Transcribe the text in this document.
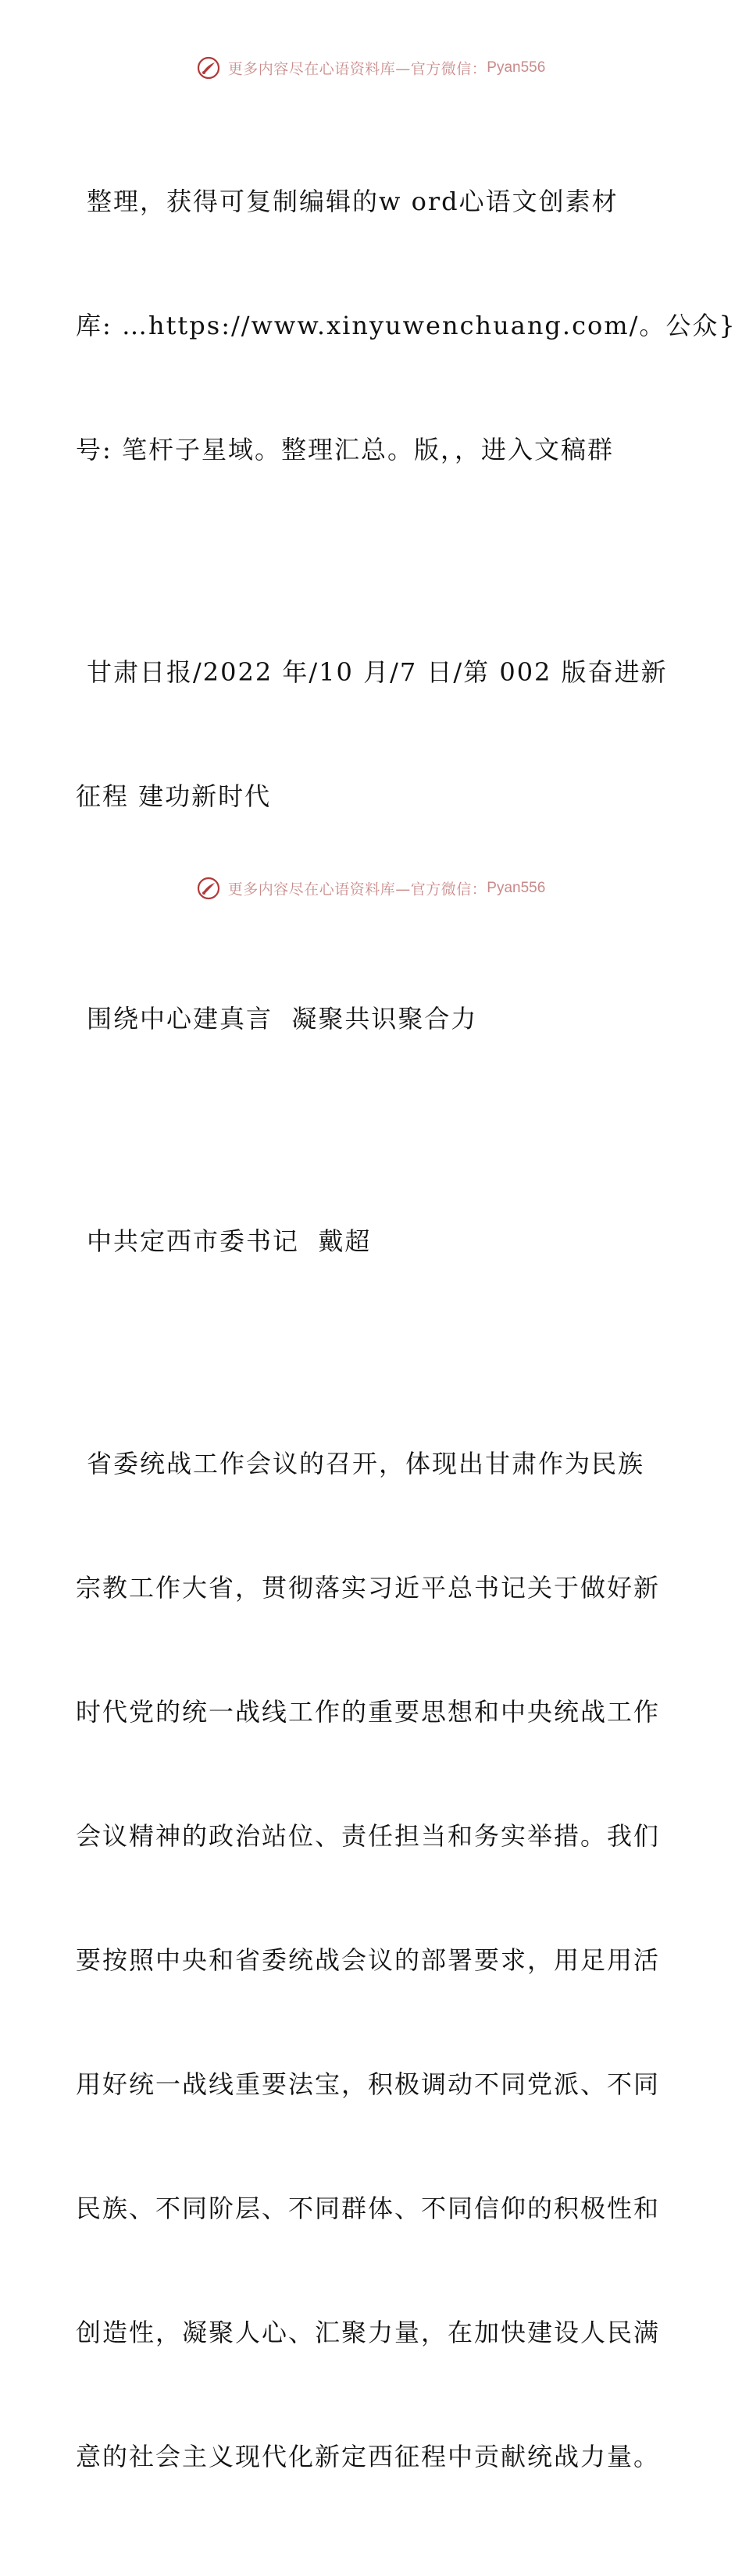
更多内容尽在心语资料库—官方微信：Pyan556

整理，获得可复制编辑的w ord心语文创素材

库: …https://www.xinyuwenchuang.com/。公众}

号: 笔杆子星域。整理汇总。版，，进入文稿群

甘肃日报/2022 年/10 月/7 日/第 002 版奋进新

征程 建功新时代

围绕中心建真言  凝聚共识聚合力

中共定西市委书记  戴超

省委统战工作会议的召开，体现出甘肃作为民族

宗教工作大省，贯彻落实习近平总书记关于做好新

时代党的统一战线工作的重要思想和中央统战工作

会议精神的政治站位、责任担当和务实举措。我们

要按照中央和省委统战会议的部署要求，用足用活

用好统一战线重要法宝，积极调动不同党派、不同

民族、不同阶层、不同群体、不同信仰的积极性和

创造性，凝聚人心、汇聚力量，在加快建设人民满

意的社会主义现代化新定西征程中贡献统战力量。

更多内容尽在心语资料库—官方微信：Pyan556
